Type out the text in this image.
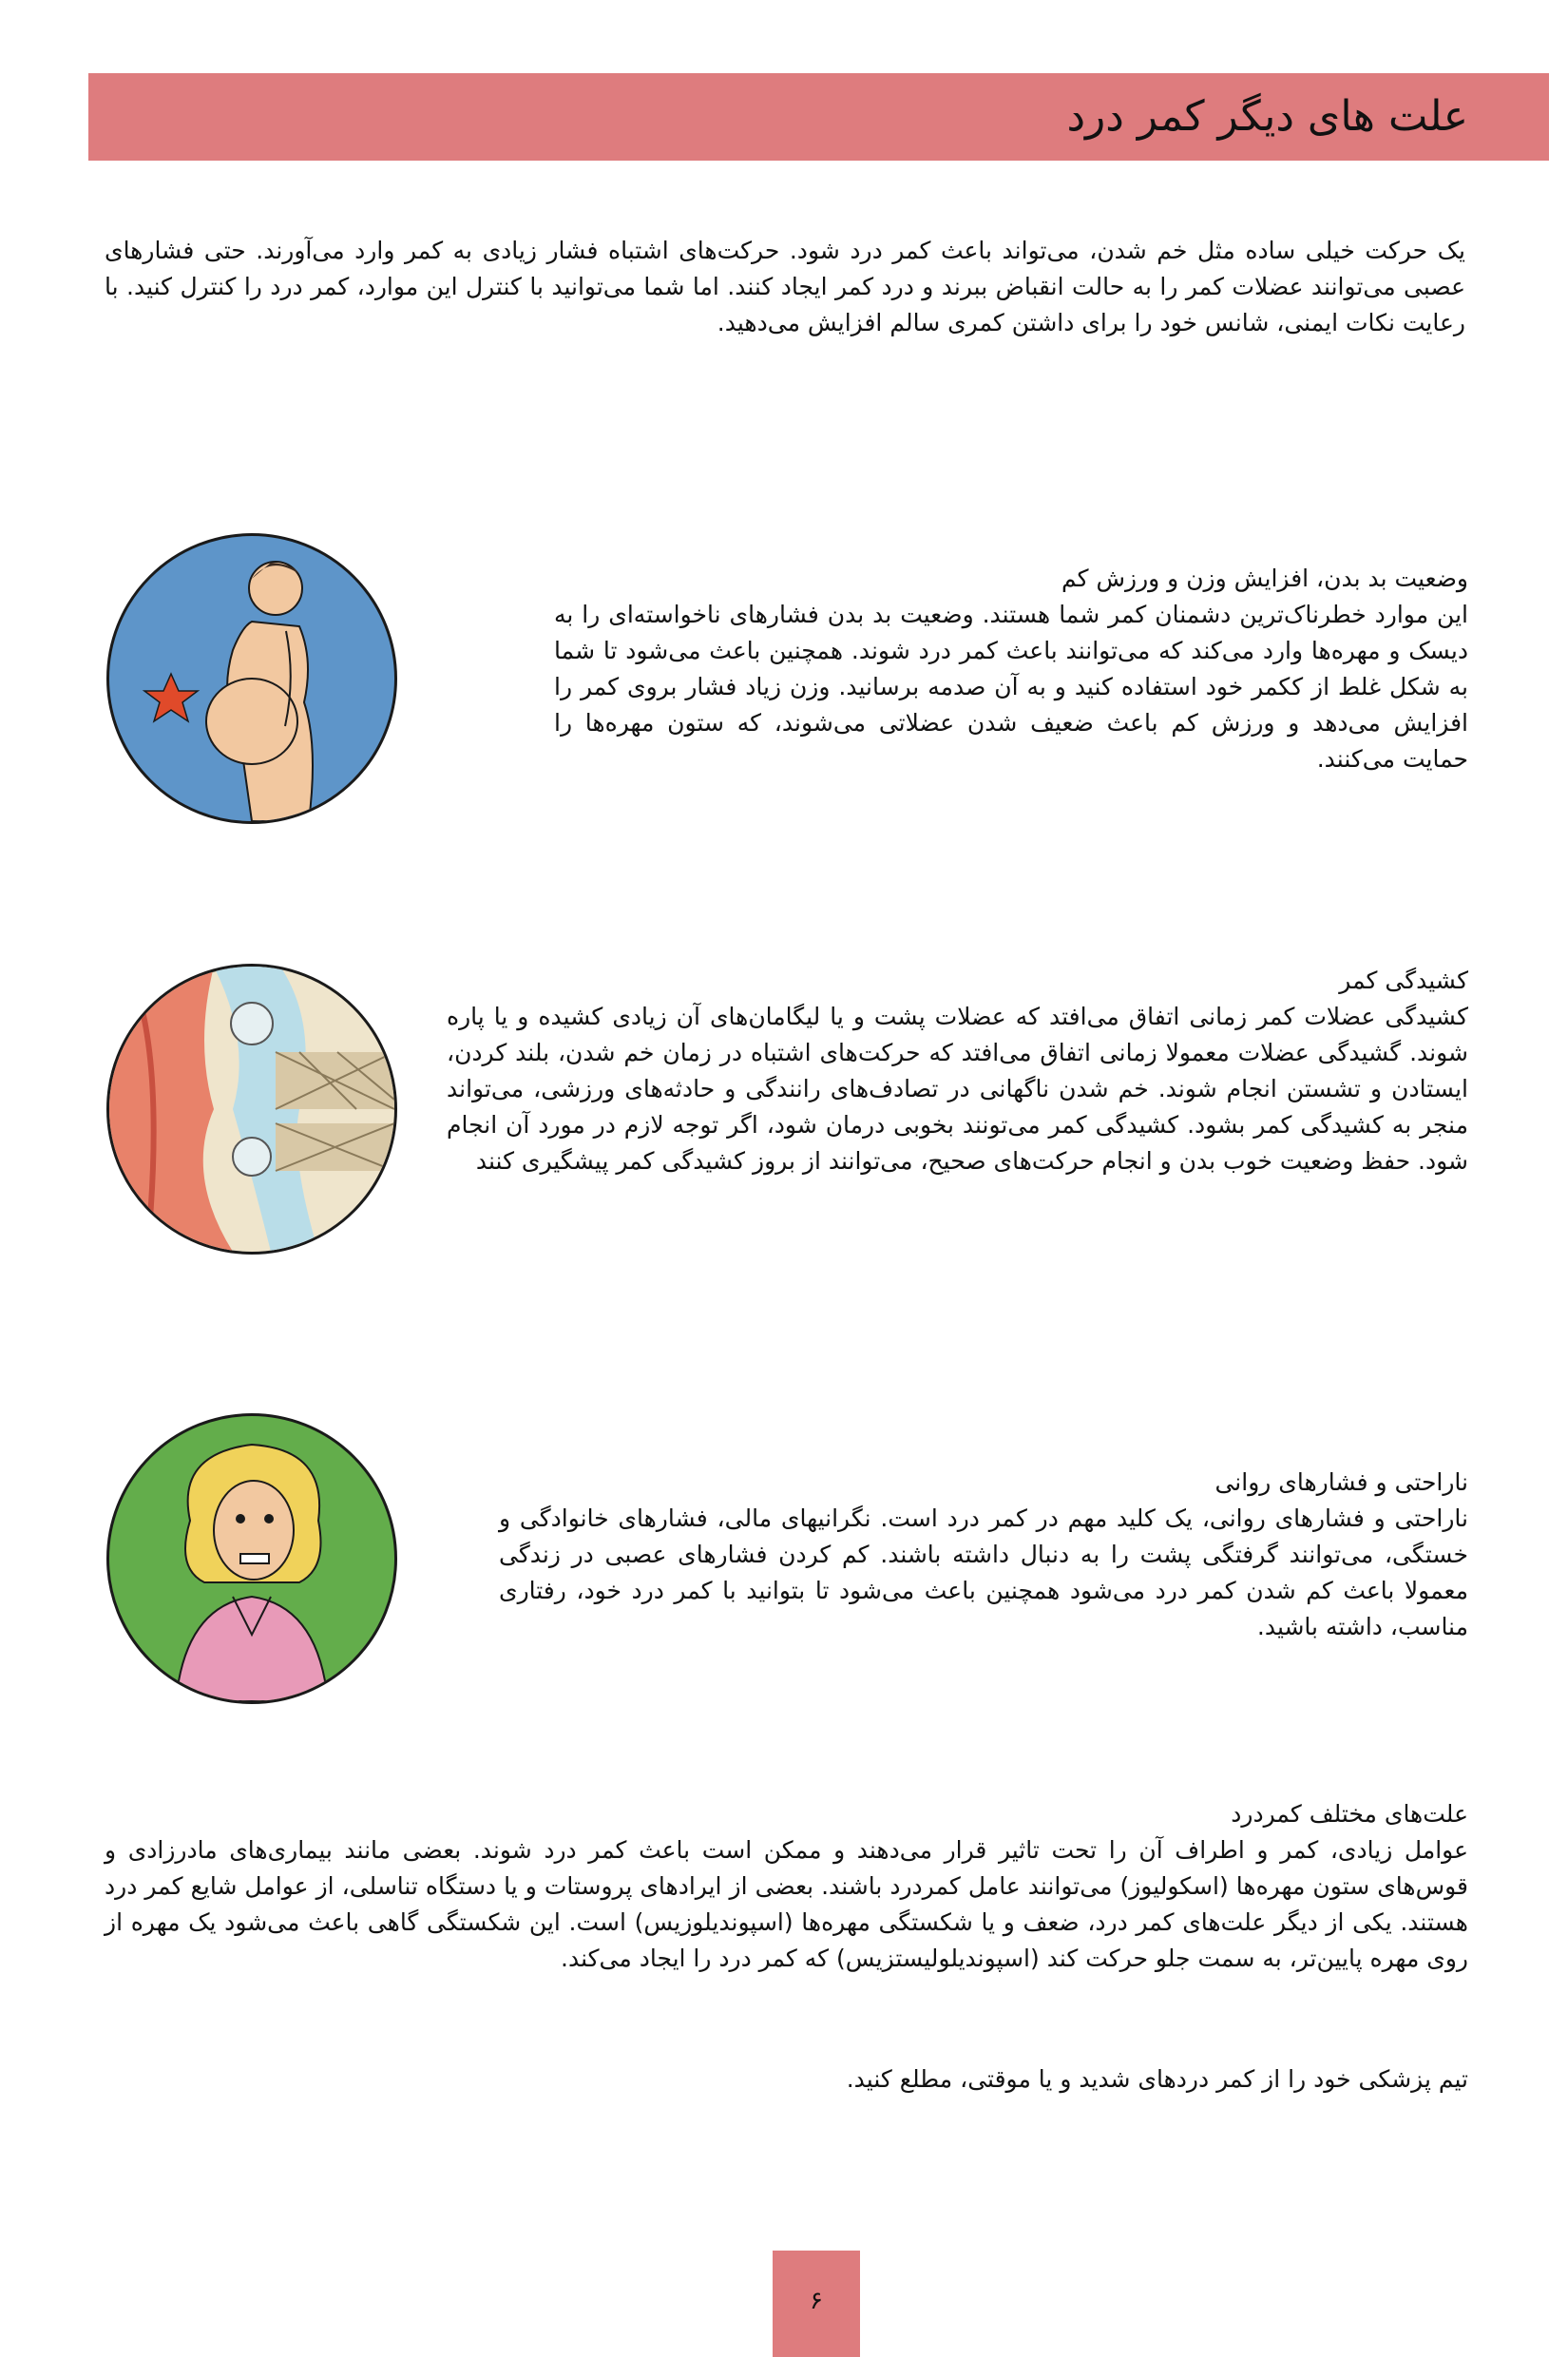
علت های دیگر کمر درد

یک حرکت خیلی ساده مثل خم شدن، می‌تواند باعث کمر درد شود. حرکت‌های اشتباه فشار زیادی به کمر وارد می‌آورند. حتی فشارهای عصبی می‌توانند عضلات کمر را به حالت انقباض ببرند و درد کمر ایجاد کنند. اما شما می‌توانید با کنترل این موارد، کمر درد را کنترل کنید. با رعایت نکات ایمنی، شانس خود را برای داشتن کمری سالم افزایش می‌دهید.

وضعیت بد بدن، افزایش وزن و ورزش کم
این موارد خطرناک‌ترین دشمنان کمر شما هستند. وضعیت بد بدن فشارهای ناخواسته‌ای را به دیسک و مهره‌ها وارد می‌کند که می‌توانند باعث کمر درد شوند. همچنین باعث می‌شود تا شما به شکل غلط از ککمر خود استفاده کنید و به آن صدمه برسانید. وزن زیاد فشار بروی کمر را افزایش می‌دهد و ورزش کم باعث ضعیف شدن عضلاتی می‌شوند، که ستون مهره‌ها را حمایت می‌کنند.

کشیدگی کمر
کشیدگی عضلات کمر زمانی اتفاق می‌افتد که عضلات پشت و یا لیگامان‌های آن زیادی کشیده و یا پاره شوند. گشیدگی عضلات معمولا زمانی اتفاق می‌افتد که حرکت‌های اشتباه در زمان خم شدن، بلند کردن، ایستادن و تشستن انجام شوند. خم شدن ناگهانی در تصادف‌های رانندگی و حادثه‌های ورزشی، می‌تواند منجر به کشیدگی کمر بشود. کشیدگی کمر می‌تونند بخوبی درمان شود، اگر توجه لازم در مورد آن انجام شود. حفظ وضعیت خوب بدن و انجام حرکت‌های صحیح، می‌توانند از بروز کشیدگی کمر پیشگیری کنند

ناراحتی و فشارهای روانی
ناراحتی و فشارهای روانی، یک کلید مهم در کمر درد است. نگرانیهای مالی، فشارهای خانوادگی و خستگی، می‌توانند گرفتگی پشت را به دنبال داشته باشند. کم کردن فشارهای عصبی در زندگی معمولا باعث کم شدن کمر درد می‌شود همچنین باعث می‌شود تا بتوانید با کمر درد خود، رفتاری مناسب، داشته باشید.

علت‌های مختلف کمردرد
عوامل زیادی، کمر و اطراف آن را تحت تاثیر قرار می‌دهند و ممکن است باعث کمر درد شوند. بعضی مانند بیماری‌های مادرزادی و قوس‌های ستون مهره‌ها (اسکولیوز) می‌توانند عامل کمردرد باشند. بعضی از ایرادهای پروستات و یا دستگاه تناسلی، از عوامل شایع کمر درد هستند. یکی از دیگر علت‌های کمر درد، ضعف و یا شکستگی مهره‌ها (اسپوندیلوزیس) است. این شکستگی گاهی باعث می‌شود یک مهره از روی مهره پایین‌تر، به سمت جلو حرکت کند (اسپوندیلولیستزیس) که کمر درد را ایجاد می‌کند.

تیم پزشکی خود را از کمر دردهای شدید و یا موقتی، مطلع کنید.

۶
